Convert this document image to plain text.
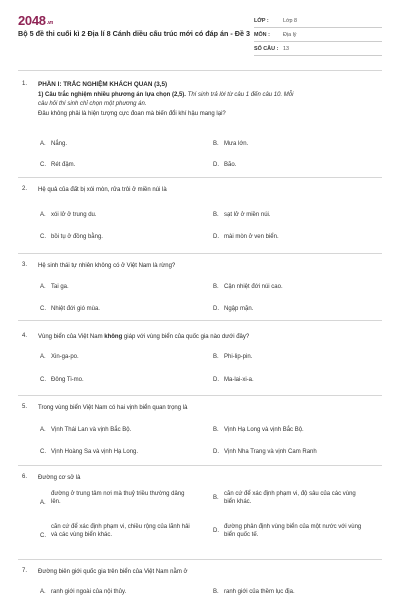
2048.vn
Bộ 5 đề thi cuối kì 2 Địa lí 8 Cánh diều cấu trúc mới có đáp án - Đề 3
LỚP :	Lớp 8
MÔN : Địa lý
SỐ CÂU : 13
1. PHẦN I: TRẮC NGHIỆM KHÁCH QUAN (3,5)
1) Câu trắc nghiệm nhiều phương án lựa chọn (2,5). Thí sinh trả lời từ câu 1 đến câu 10. Mỗi
câu hỏi thí sinh chỉ chọn một phương án.
Đâu không phải là hiện tượng cực đoan mà biến đổi khí hậu mang lại?
A. Nắng.	B. Mưa lớn.
C. Rét đậm.	D. Bão.
2. Hệ quả của đất bị xói mòn, rửa trôi ở miền núi là
A. xói lở ở trung du.	B. sạt lở ở miền núi.
C. bồi tụ ở đồng bằng.	D. mài mòn ở ven biển.
3. Hệ sinh thái tự nhiên không có ở Việt Nam là rừng?
A. Tai ga.	B. Cận nhiệt đới núi cao.
C. Nhiệt đới gió mùa.	D. Ngập mặn.
4. Vùng biển của Việt Nam không giáp với vùng biển của quốc gia nào dưới đây?
A. Xin-ga-po.	B. Phi-lip-pin.
C. Đông Ti-mo.	D. Ma-lai-xi-a.
5. Trong vùng biển Việt Nam có hai vịnh biển quan trọng là
A. Vịnh Thái Lan và vịnh Bắc Bộ.	B. Vịnh Hạ Long và vịnh Bắc Bộ.
C. Vịnh Hoàng Sa và vịnh Hạ Long.	D. Vịnh Nha Trang và vịnh Cam Ranh
6. Đường cơ sở là
A.
đường ở trung tâm nơi mà thuỷ triều thường dâng lên.
B.
căn cứ để xác định phạm vi, độ sâu của các vùng biển khác.
C.
căn cứ để xác định phạm vi, chiều rộng của lãnh hải và các vùng biển khác.
D.
đường phân định vùng biển của một nước với vùng biển quốc tế.
7. Đường biên giới quốc gia trên biển của Việt Nam nằm ở
A. ranh giới ngoài của nội thủy.	B. ranh giới của thềm lục địa.
